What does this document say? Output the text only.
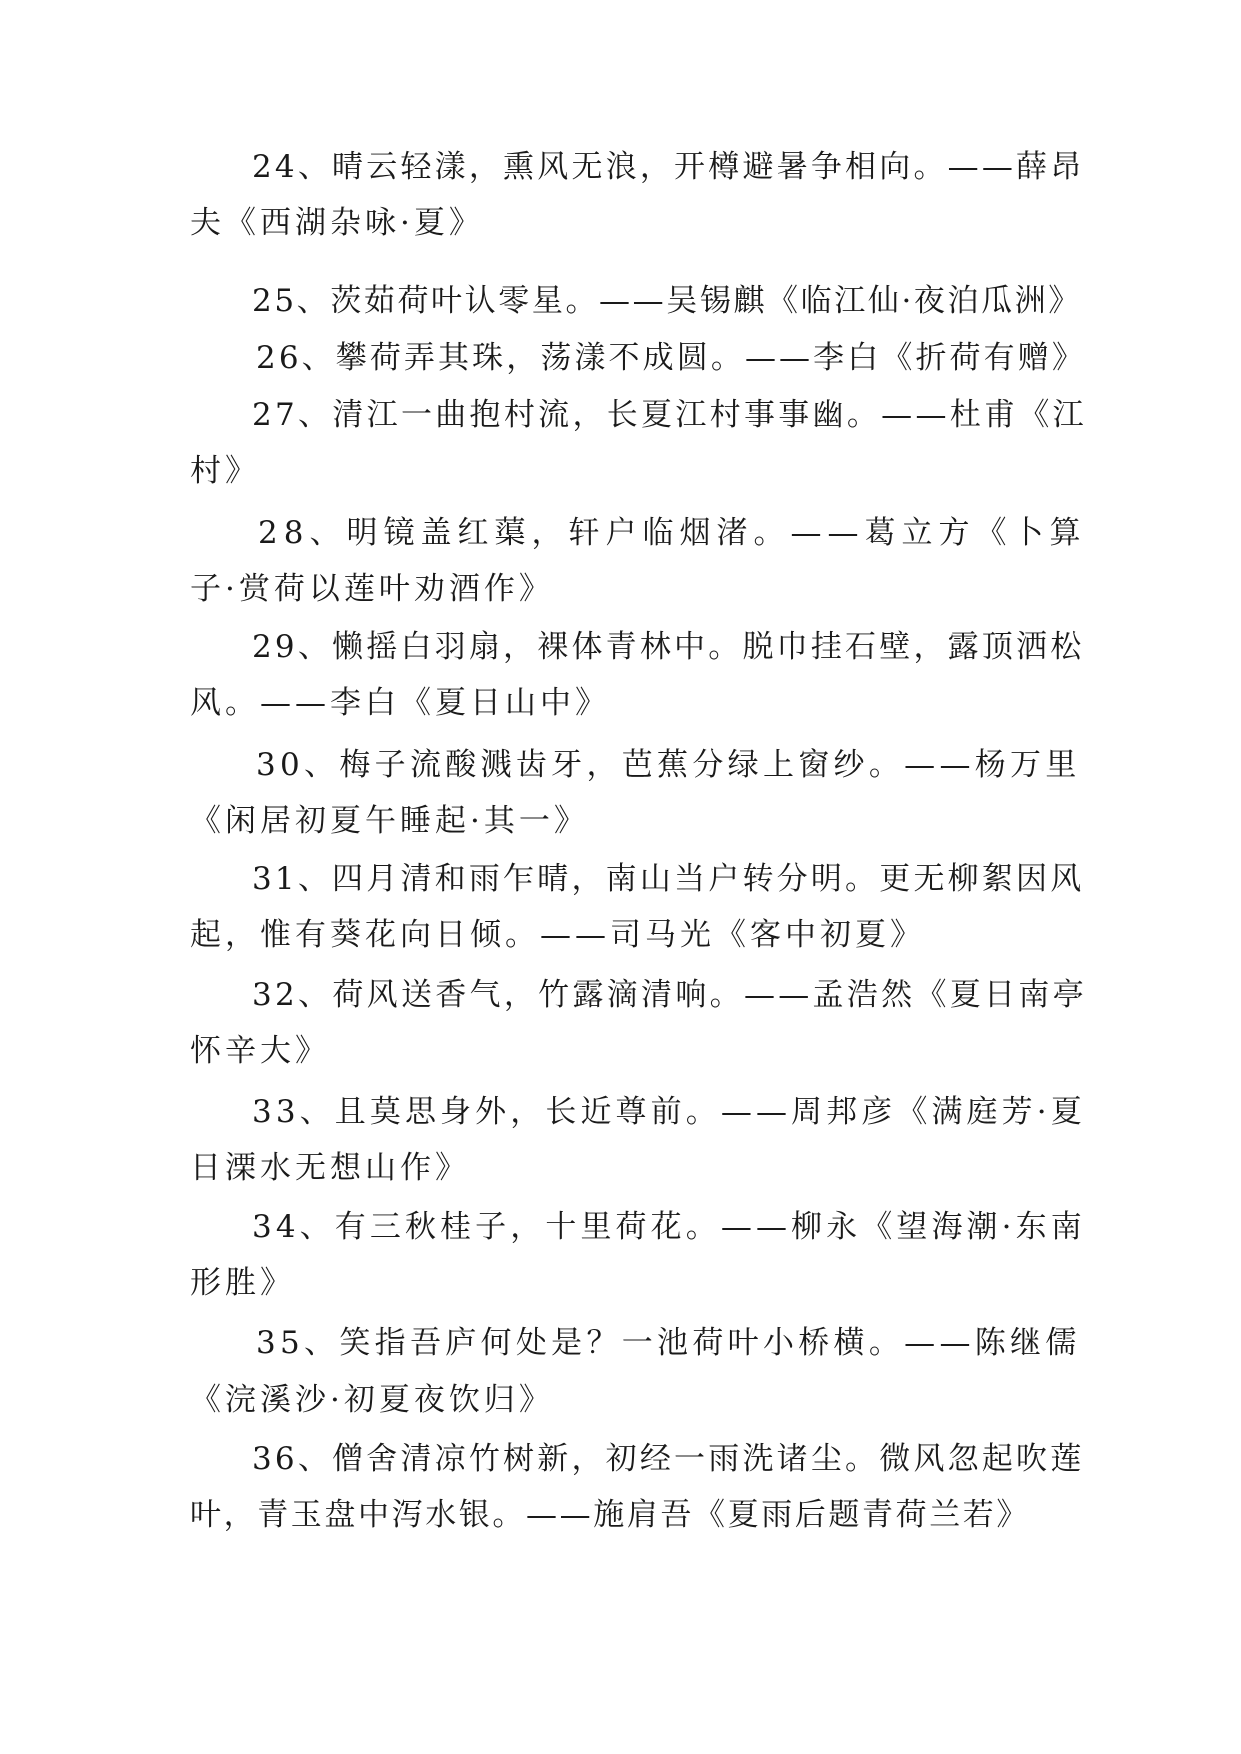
24、晴云轻漾，熏风无浪，开樽避暑争相向。——薛昂
夫《西湖杂咏·夏》
25、茨茹荷叶认零星。——吴锡麒《临江仙·夜泊瓜洲》
26、攀荷弄其珠，荡漾不成圆。——李白《折荷有赠》
27、清江一曲抱村流，长夏江村事事幽。——杜甫《江
村》
28、明镜盖红蕖，轩户临烟渚。——葛立方《卜算
子·赏荷以莲叶劝酒作》
29、懒摇白羽扇，裸体青林中。脱巾挂石壁，露顶洒松
风。——李白《夏日山中》
30、梅子流酸溅齿牙，芭蕉分绿上窗纱。——杨万里
《闲居初夏午睡起·其一》
31、四月清和雨乍晴，南山当户转分明。更无柳絮因风
起，惟有葵花向日倾。——司马光《客中初夏》
32、荷风送香气，竹露滴清响。——孟浩然《夏日南亭
怀辛大》
33、且莫思身外，长近尊前。——周邦彦《满庭芳·夏
日溧水无想山作》
34、有三秋桂子，十里荷花。——柳永《望海潮·东南
形胜》
35、笑指吾庐何处是？一池荷叶小桥横。——陈继儒
《浣溪沙·初夏夜饮归》
36、僧舍清凉竹树新，初经一雨洗诸尘。微风忽起吹莲
叶，青玉盘中泻水银。——施肩吾《夏雨后题青荷兰若》
